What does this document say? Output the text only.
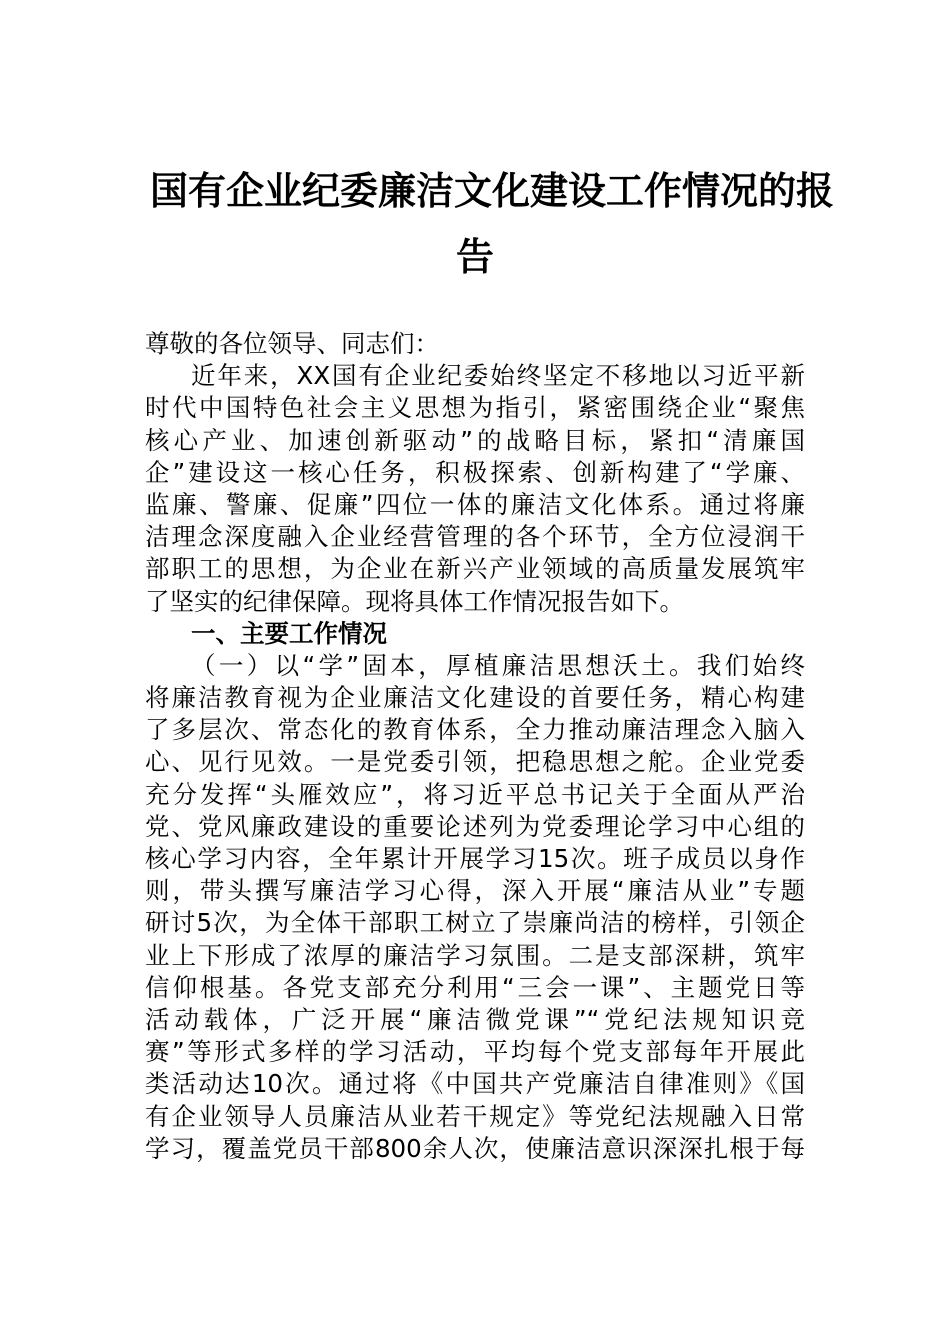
国有企业纪委廉洁文化建设工作情况的报
告
尊敬的各位领导、同志们：
近年来，XX国有企业纪委始终坚定不移地以习近平新
时代中国特色社会主义思想为指引，紧密围绕企业“聚焦
核心产业、加速创新驱动”的战略目标，紧扣“清廉国
企”建设这一核心任务，积极探索、创新构建了“学廉、
监廉、警廉、促廉”四位一体的廉洁文化体系。通过将廉
洁理念深度融入企业经营管理的各个环节，全方位浸润干
部职工的思想，为企业在新兴产业领域的高质量发展筑牢
了坚实的纪律保障。现将具体工作情况报告如下。
一、主要工作情况
（一）以“学”固本，厚植廉洁思想沃土。我们始终
将廉洁教育视为企业廉洁文化建设的首要任务，精心构建
了多层次、常态化的教育体系，全力推动廉洁理念入脑入
心、见行见效。一是党委引领，把稳思想之舵。企业党委
充分发挥“头雁效应”，将习近平总书记关于全面从严治
党、党风廉政建设的重要论述列为党委理论学习中心组的
核心学习内容，全年累计开展学习15次。班子成员以身作
则，带头撰写廉洁学习心得，深入开展“廉洁从业”专题
研讨5次，为全体干部职工树立了崇廉尚洁的榜样，引领企
业上下形成了浓厚的廉洁学习氛围。二是支部深耕，筑牢
信仰根基。各党支部充分利用“三会一课”、主题党日等
活动载体，广泛开展“廉洁微党课”“党纪法规知识竞
赛”等形式多样的学习活动，平均每个党支部每年开展此
类活动达10次。通过将《中国共产党廉洁自律准则》《国
有企业领导人员廉洁从业若干规定》等党纪法规融入日常
学习，覆盖党员干部800余人次，使廉洁意识深深扎根于每
